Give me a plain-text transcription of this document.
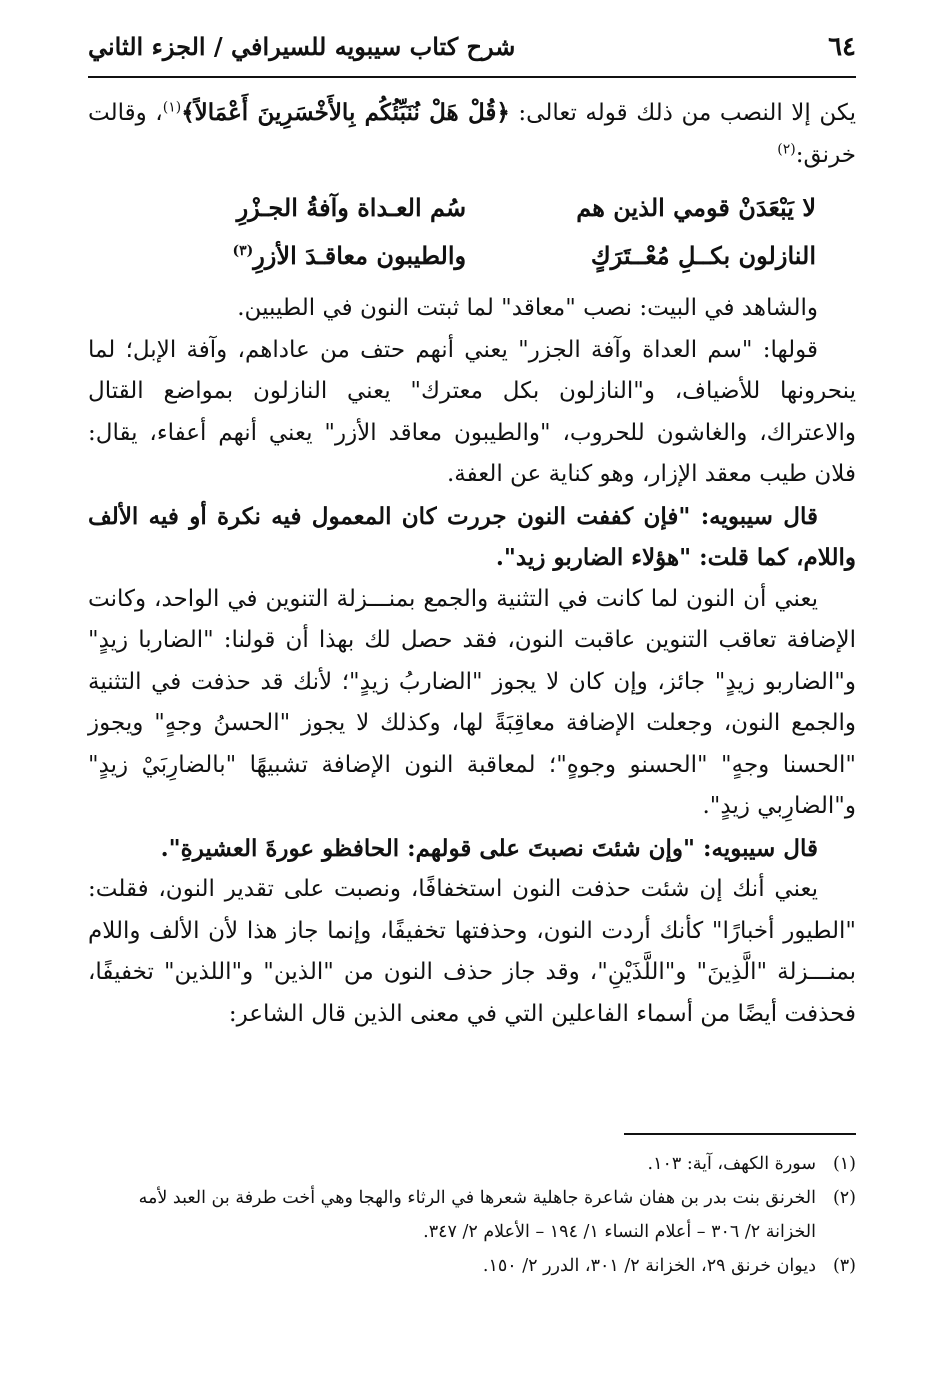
٦٤
شرح كتاب سيبويه للسيرافي / الجزء الثاني

يكن إلا النصب من ذلك قوله تعالى: ﴿قُلْ هَلْ نُنَبِّئُكُم بِالأَخْسَرِينَ أَعْمَالاً﴾$^{(١)}$، وقالت خرنق:$^{(٢)}$

لا يَبْعَدَنْ قومي الذين هم
سُم العـداة وآفةُ الجـزْرِ
النازلون بكــلِ مُعْــتَرَكٍ
والطيبون معاقـدَ الأزرِ$^{(٣)}$

والشاهد في البيت: نصب "معاقد" لما ثبتت النون في الطيبين.

قولها: "سم العداة وآفة الجزر" يعني أنهم حتف من عاداهم، وآفة الإبل؛ لما ينحرونها للأضياف، و"النازلون بكل معترك" يعني النازلون بمواضع القتال والاعتراك، والغاشون للحروب، "والطيبون معاقد الأزر" يعني أنهم أعفاء، يقال: فلان طيب معقد الإزار، وهو كناية عن العفة.

قال سيبويه: "فإن كففت النون جررت كان المعمول فيه نكرة أو فيه الألف واللام، كما قلت: "هؤلاء الضاربو زيد".

يعني أن النون لما كانت في التثنية والجمع بمنـــزلة التنوين في الواحد، وكانت الإضافة تعاقب التنوين عاقبت النون، فقد حصل لك بهذا أن قولنا: "الضاربا زيدٍ" و"الضاربو زيدٍ" جائز، وإن كان لا يجوز "الضاربُ زيدٍ"؛ لأنك قد حذفت في التثنية والجمع النون، وجعلت الإضافة معاقِبَةً لها، وكذلك لا يجوز "الحسنُ وجهٍ" ويجوز "الحسنا وجهٍ" "الحسنو وجوهٍ"؛ لمعاقبة النون الإضافة تشبيهًا "بالضارِبَيْ زيدٍ" و"الضارِبي زيدٍ".

قال سيبويه: "وإن شئتَ نصبتَ على قولهم: الحافظو عورةَ العشيرةِ".

يعني أنك إن شئت حذفت النون استخفافًا، ونصبت على تقدير النون، فقلت: "الطيور أخبارًا" كأنك أردت النون، وحذفتها تخفيفًا، وإنما جاز هذا لأن الألف واللام بمنـــزلة "الَّذِينَ" و"اللَّذَيْنِ"، وقد جاز حذف النون من "الذين" و"اللذين" تخفيفًا، فحذفت أيضًا من أسماء الفاعلين التي في معنى الذين قال الشاعر:

(١)
سورة الكهف، آية: ١٠٣.

(٢)
الخرنق بنت بدر بن هفان شاعرة جاهلية شعرها في الرثاء والهجا وهي أخت طرفة بن العبد لأمه الخزانة ٢/ ٣٠٦ – أعلام النساء ١/ ١٩٤ – الأعلام ٢/ ٣٤٧.

(٣)
ديوان خرنق ٢٩، الخزانة ٢/ ٣٠١، الدرر ٢/ ١٥٠.
